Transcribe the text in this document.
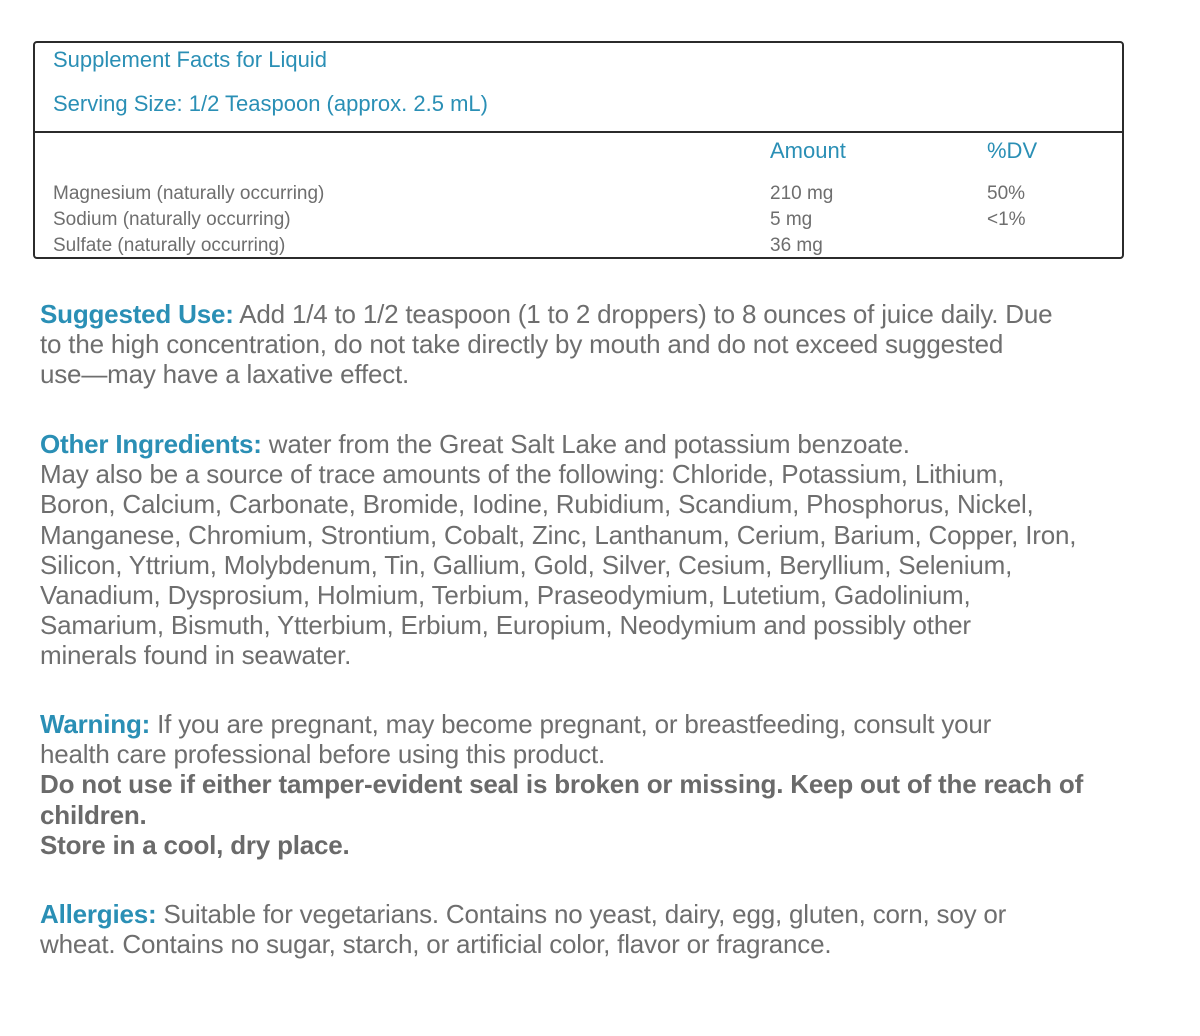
Supplement Facts for Liquid
Serving Size: 1/2 Teaspoon (approx. 2.5 mL)
Amount	%DV
Magnesium (naturally occurring)	210 mg	50%
Sodium (naturally occurring)	5 mg	<1%
Sulfate (naturally occurring)	36 mg
Suggested Use: Add 1/4 to 1/2 teaspoon (1 to 2 droppers) to 8 ounces of juice daily. Due
to the high concentration, do not take directly by mouth and do not exceed suggested
use—may have a laxative effect.
Other Ingredients: water from the Great Salt Lake and potassium benzoate.
May also be a source of trace amounts of the following: Chloride, Potassium, Lithium,
Boron, Calcium, Carbonate, Bromide, Iodine, Rubidium, Scandium, Phosphorus, Nickel,
Manganese, Chromium, Strontium, Cobalt, Zinc, Lanthanum, Cerium, Barium, Copper, Iron,
Silicon, Yttrium, Molybdenum, Tin, Gallium, Gold, Silver, Cesium, Beryllium, Selenium,
Vanadium, Dysprosium, Holmium, Terbium, Praseodymium, Lutetium, Gadolinium,
Samarium, Bismuth, Ytterbium, Erbium, Europium, Neodymium and possibly other
minerals found in seawater.
Warning: If you are pregnant, may become pregnant, or breastfeeding, consult your
health care professional before using this product.
Do not use if either tamper-evident seal is broken or missing. Keep out of the reach of
children.
Store in a cool, dry place.
Allergies: Suitable for vegetarians. Contains no yeast, dairy, egg, gluten, corn, soy or
wheat. Contains no sugar, starch, or artificial color, flavor or fragrance.
